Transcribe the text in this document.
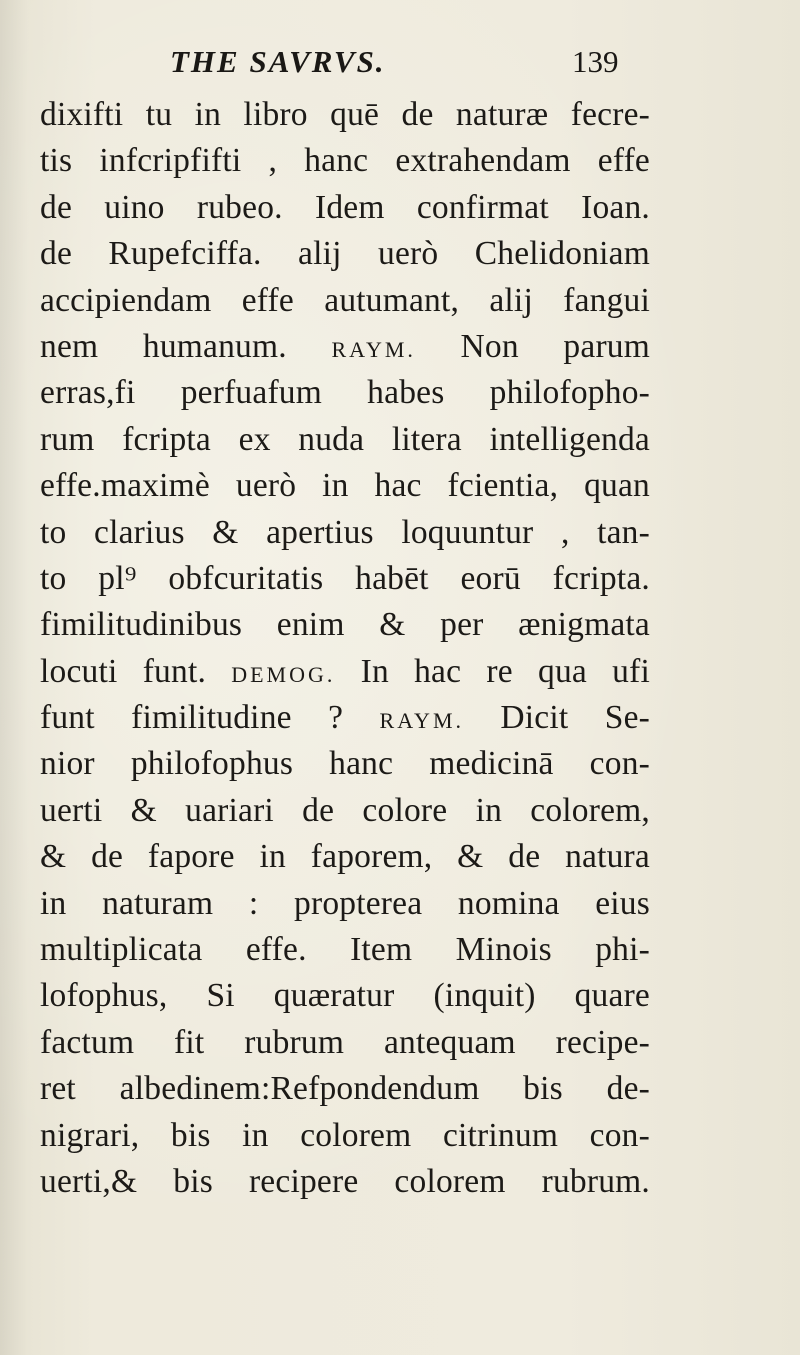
THE SAVRVS.	139
dixifti tu in libro quē de naturæ fecre-
tis infcripfifti , hanc extrahendam effe
de uino rubeo. Idem confirmat Ioan.
de Rupefciffa. alij uerò Chelidoniam
accipiendam effe autumant, alij fangui
nem humanum. RAYM. Non parum
erras,fi perfuafum habes philofopho-
rum fcripta ex nuda litera intelligenda
effe.maximè uerò in hac fcientia, quan
to clarius & apertius loquuntur , tan-
to pl⁹ obfcuritatis habēt eorū fcripta.
fimilitudinibus enim & per ænigmata
locuti funt. DEMOG. In hac re qua ufi
funt fimilitudine ? RAYM. Dicit Se-
nior philofophus hanc medicinā con-
uerti & uariari de colore in colorem,
& de fapore in faporem, & de natura
in naturam : propterea nomina eius
multiplicata effe. Item Minois phi-
lofophus, Si quæratur (inquit) quare
factum fit rubrum antequam recipe-
ret albedinem:Refpondendum bis de-
nigrari, bis in colorem citrinum con-
uerti,& bis recipere colorem rubrum.
